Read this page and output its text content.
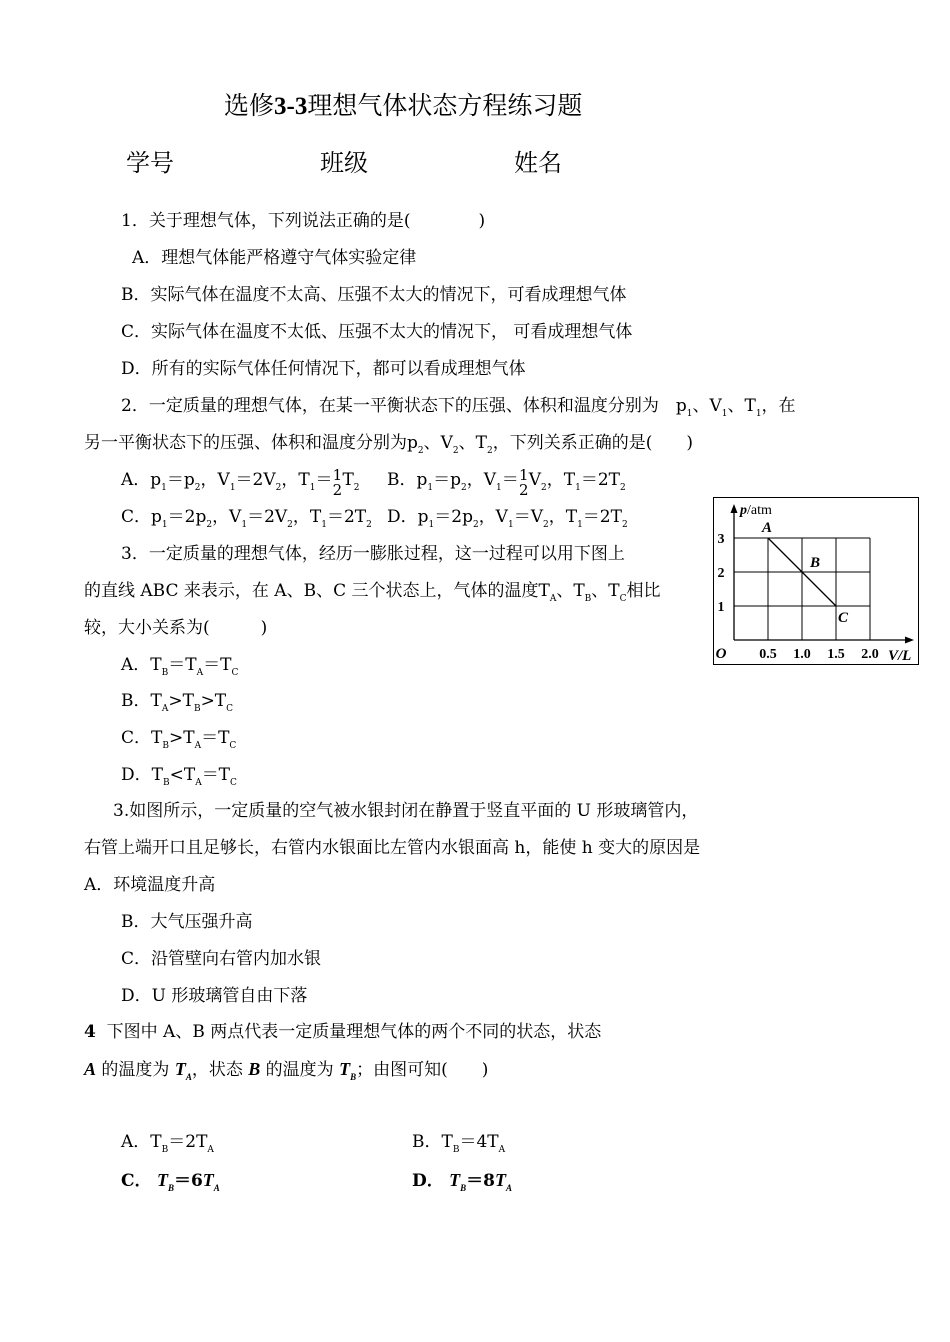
选修3-3理想气体状态方程练习题
学号	班级	姓名
1．关于理想气体，下列说法正确的是(　　　　)
A．理想气体能严格遵守气体实验定律
B．实际气体在温度不太高、压强不太大的情况下，可看成理想气体
C．实际气体在温度不太低、压强不太大的情况下， 可看成理想气体
D．所有的实际气体任何情况下，都可以看成理想气体
2．一定质量的理想气体，在某一平衡状态下的压强、体积和温度分别为　$p_1$、$V_1$、$T_1$，在
另一平衡状态下的压强、体积和温度分别为$p_2$、$V_2$、$T_2$，下列关系正确的是(　　)
A．$p_1=p_2$，$V_1=2V_2$，$T_1= 1$
2 $T_2$ B．$p_1=p_2$，$V_1= 1$
2 $V_2$，$T_1=2T_2$
C．$p_1=2p_2$，$V_1=2V_2$，$T_1=2T_2$ D．$p_1=2p_2$，$V_1=V_2$，$T_1=2T_2$
3．一定质量的理想气体，经历一膨胀过程，这一过程可以用下图上
的直线 ABC 来表示，在 A、B、C 三个状态上，气体的温度$T_A$、$T_B$、$T_C$相比
较，大小关系为(　　　)
A．$T_B=T_A=T_C$
B．$T_A>T_B>T_C$
C．$T_B>T_A=T_C$
D．$T_B<T_A=T_C$
A
B
C
0.5 1.0 1.5 2.0
1
2
3
O
p/atm
V/L
3.如图所示，一定质量的空气被水银封闭在静置于竖直平面的 U 形玻璃管内，
右管上端开口且足够长，右管内水银面比左管内水银面高 h，能使 h 变大的原因是
A．环境温度升高
B．大气压强升高
C．沿管壁向右管内加水银
D．U 形玻璃管自由下落
4 下图中 A、B 两点代表一定质量理想气体的两个不同的状态，状态
A 的温度为 $T_A$，状态 B 的温度为 $T_B$；由图可知(　　)
A．$T_B=2T_A$	B．$T_B=4T_A$
C． $T_B=6T_A$	D． $T_B=8T_A$
